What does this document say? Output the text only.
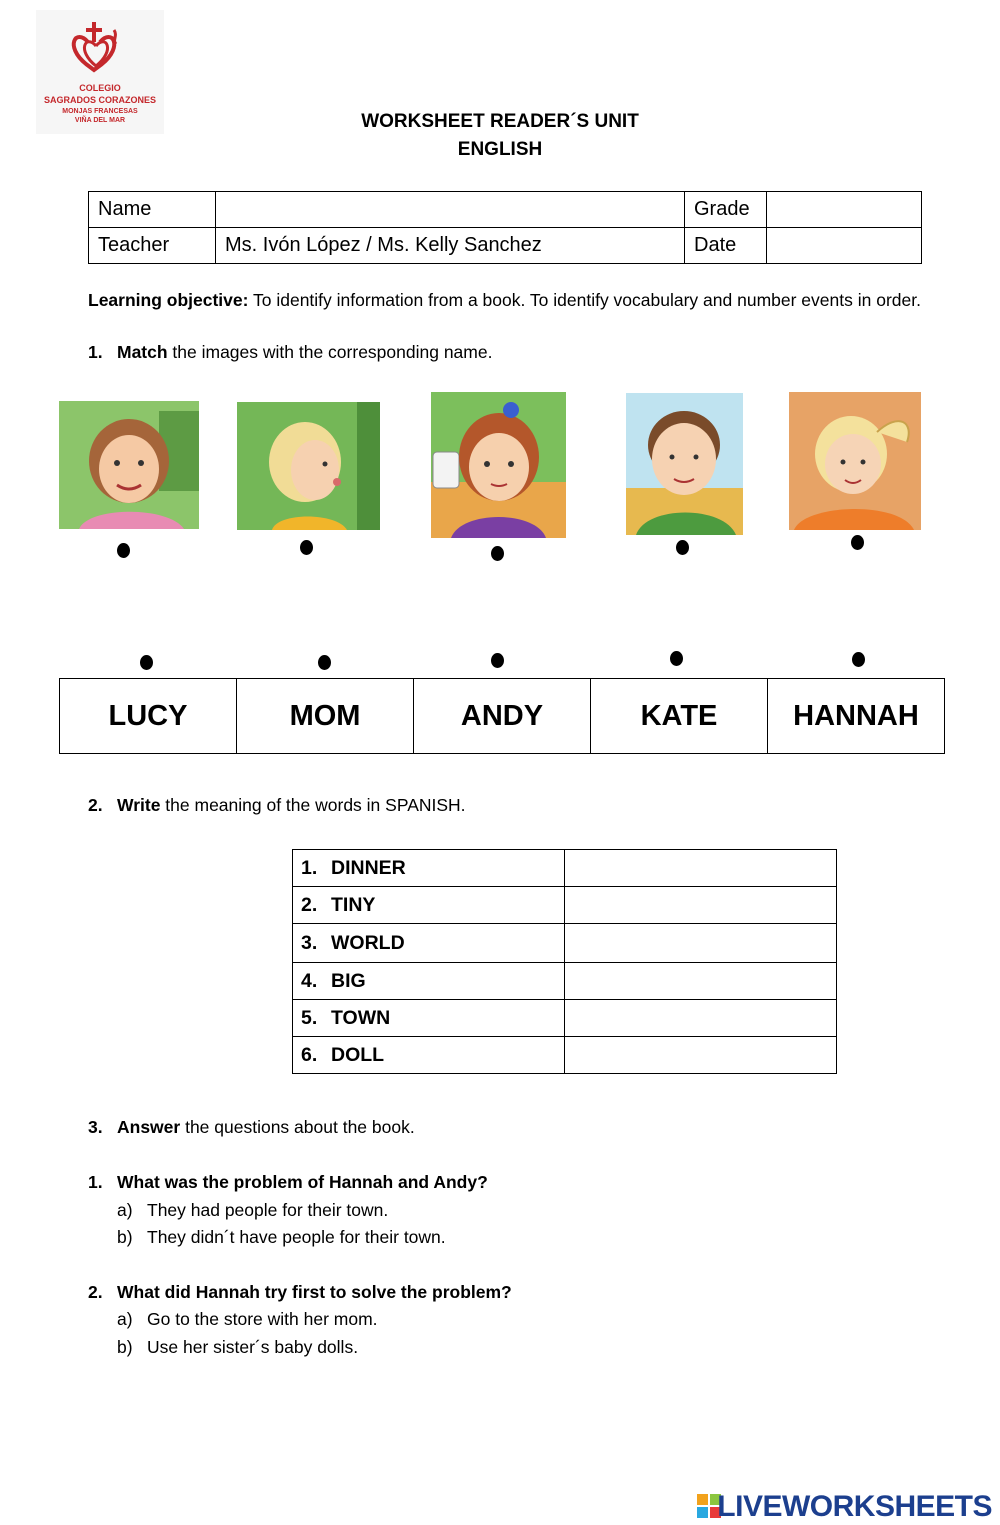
COLEGIO
SAGRADOS CORAZONES
MONJAS FRANCESAS
VIÑA DEL MAR	WORKSHEET READER´S UNIT
ENGLISH
Name		Grade	
Teacher	Ms. Ivón López / Ms. Kelly Sanchez	Date	
Learning objective: To identify information from a book. To identify vocabulary and number events in order.
1. Match the images with the corresponding name.
LUCY	MOM	ANDY	KATE	HANNAH
2. Write the meaning of the words in SPANISH.
1. DINNER	
2. TINY	
3. WORLD	
4. BIG	
5. TOWN	
6. DOLL	
3. Answer the questions about the book.
1. What was the problem of Hannah and Andy?
a) They had people for their town.
b) They didn´t have people for their town.
2. What did Hannah try first to solve the problem?
a) Go to the store with her mom.
b) Use her sister´s baby dolls.
LIVEWORKSHEETS
